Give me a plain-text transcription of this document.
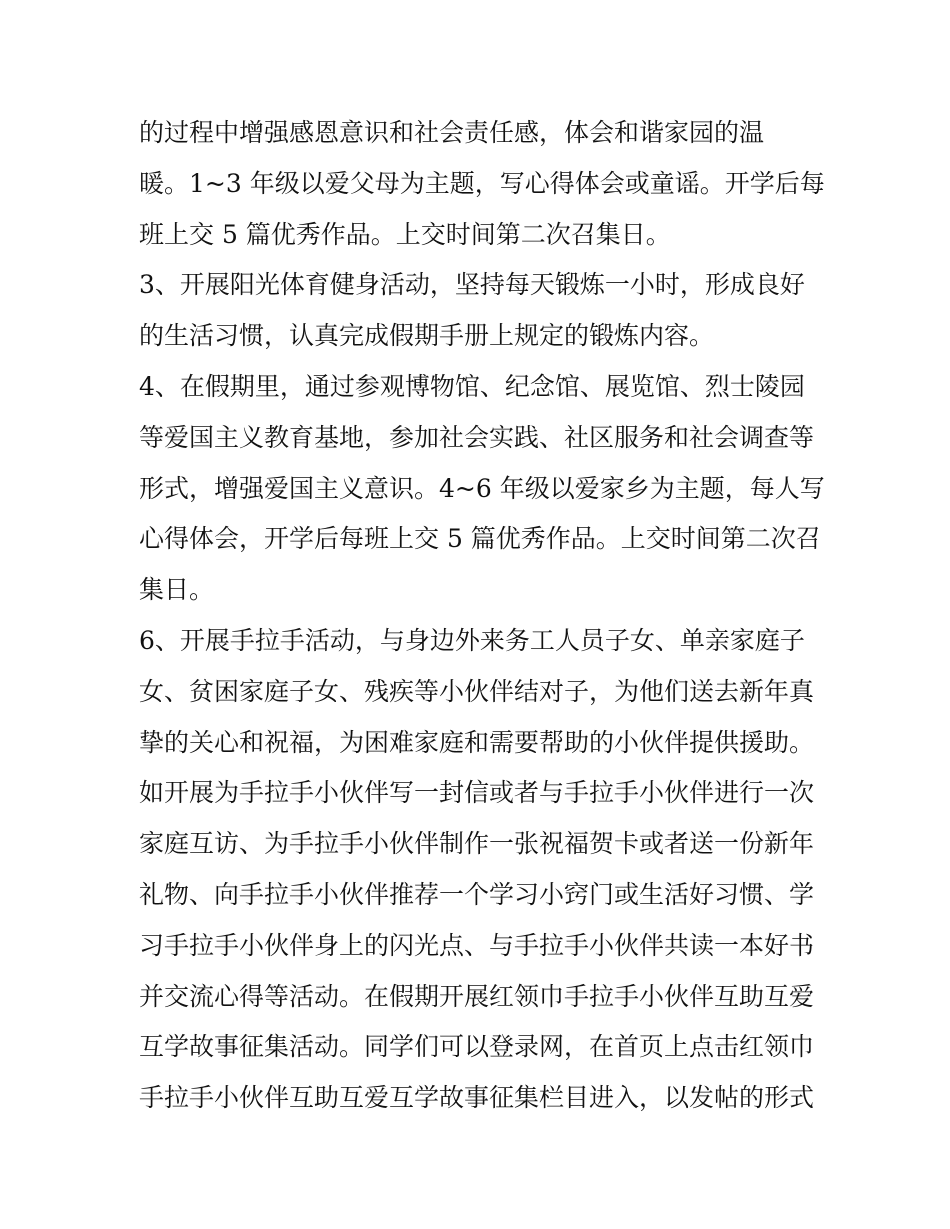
的过程中增强感恩意识和社会责任感，体会和谐家园的温
暖。1~3 年级以爱父母为主题，写心得体会或童谣。开学后每
班上交 5 篇优秀作品。上交时间第二次召集日。
3、开展阳光体育健身活动，坚持每天锻炼一小时，形成良好
的生活习惯，认真完成假期手册上规定的锻炼内容。
4、在假期里，通过参观博物馆、纪念馆、展览馆、烈士陵园
等爱国主义教育基地，参加社会实践、社区服务和社会调查等
形式，增强爱国主义意识。4~6 年级以爱家乡为主题，每人写
心得体会，开学后每班上交 5 篇优秀作品。上交时间第二次召
集日。
6、开展手拉手活动，与身边外来务工人员子女、单亲家庭子
女、贫困家庭子女、残疾等小伙伴结对子，为他们送去新年真
挚的关心和祝福，为困难家庭和需要帮助的小伙伴提供援助。
如开展为手拉手小伙伴写一封信或者与手拉手小伙伴进行一次
家庭互访、为手拉手小伙伴制作一张祝福贺卡或者送一份新年
礼物、向手拉手小伙伴推荐一个学习小窍门或生活好习惯、学
习手拉手小伙伴身上的闪光点、与手拉手小伙伴共读一本好书
并交流心得等活动。在假期开展红领巾手拉手小伙伴互助互爱
互学故事征集活动。同学们可以登录网，在首页上点击红领巾
手拉手小伙伴互助互爱互学故事征集栏目进入，以发帖的形式
